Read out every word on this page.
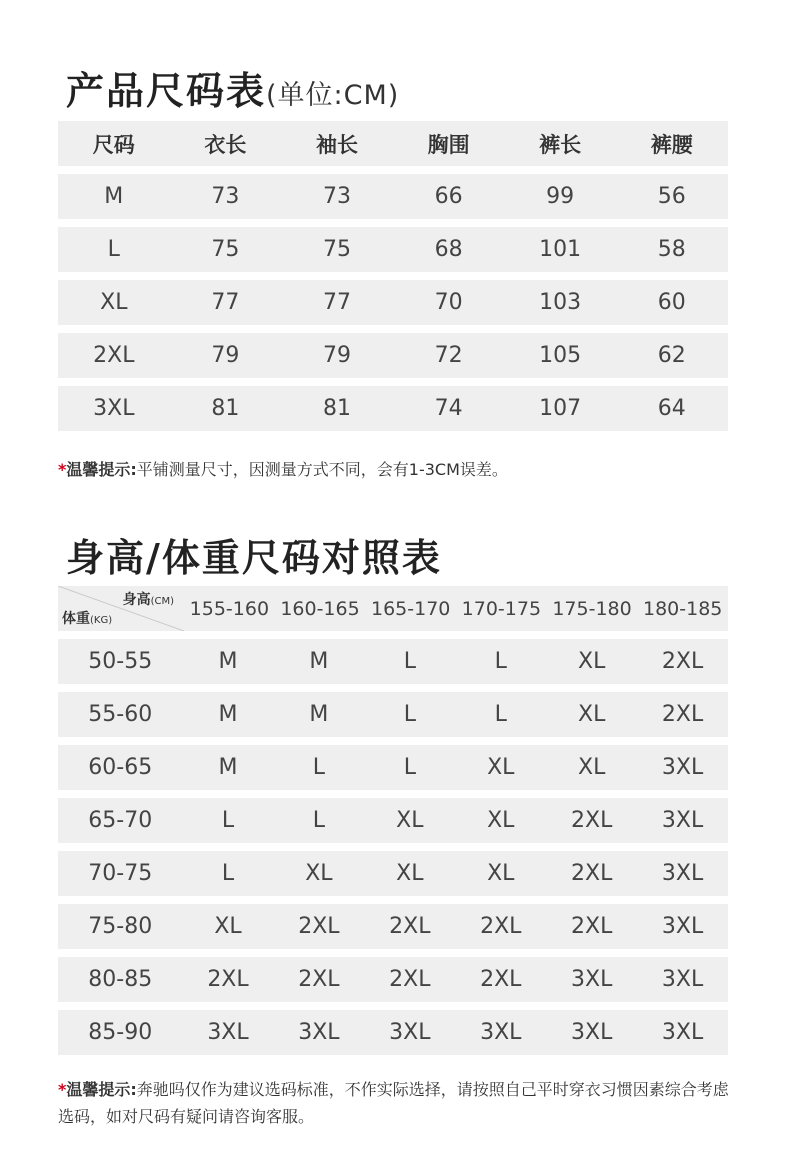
产品尺码表(单位:CM)
尺码	衣长	袖长	胸围	裤长	裤腰
M	73	73	66	99	56
L	75	75	68	101	58
XL	77	77	70	103	60
2XL	79	79	72	105	62
3XL	81	81	74	107	64
*温馨提示:平铺测量尺寸，因测量方式不同，会有1-3CM误差。
身高/体重尺码对照表
身高(CM)
体重(KG)
155-160 160-165 165-170 170-175 175-180 180-185
50-55	M	M	L	L	XL	2XL
55-60	M	M	L	L	XL	2XL
60-65	M	L	L	XL	XL	3XL
65-70	L	L	XL	XL	2XL	3XL
70-75	L	XL	XL	XL	2XL	3XL
75-80	XL	2XL	2XL	2XL	2XL	3XL
80-85	2XL	2XL	2XL	2XL	3XL	3XL
85-90	3XL	3XL	3XL	3XL	3XL	3XL
*温馨提示:奔驰吗仅作为建议选码标准，不作实际选择，请按照自己平时穿衣习惯因素综合考虑选码，如对尺码有疑问请咨询客服。
